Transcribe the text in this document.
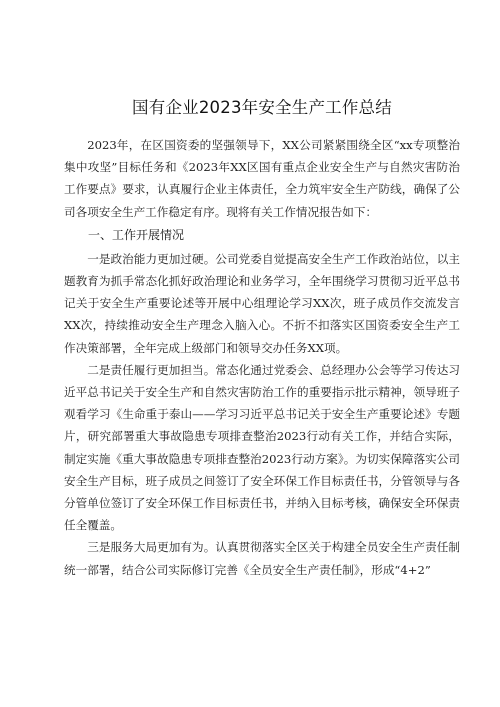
国有企业2023年安全生产工作总结

2023年，在区国资委的坚强领导下，XX公司紧紧围绕全区“xx专项整治集中攻坚”目标任务和《2023年XX区国有重点企业安全生产与自然灾害防治工作要点》要求，认真履行企业主体责任，全力筑牢安全生产防线，确保了公司各项安全生产工作稳定有序。现将有关工作情况报告如下：

一、工作开展情况

一是政治能力更加过硬。公司党委自觉提高安全生产工作政治站位，以主题教育为抓手常态化抓好政治理论和业务学习，全年围绕学习贯彻习近平总书记关于安全生产重要论述等开展中心组理论学习XX次，班子成员作交流发言XX次，持续推动安全生产理念入脑入心。不折不扣落实区国资委安全生产工作决策部署，全年完成上级部门和领导交办任务XX项。

二是责任履行更加担当。常态化通过党委会、总经理办公会等学习传达习近平总书记关于安全生产和自然灾害防治工作的重要指示批示精神，领导班子观看学习《生命重于泰山——学习习近平总书记关于安全生产重要论述》专题片，研究部署重大事故隐患专项排查整治2023行动有关工作，并结合实际，制定实施《重大事故隐患专项排查整治2023行动方案》。为切实保障落实公司安全生产目标，班子成员之间签订了安全环保工作目标责任书，分管领导与各分管单位签订了安全环保工作目标责任书，并纳入目标考核，确保安全环保责任全覆盖。

三是服务大局更加有为。认真贯彻落实全区关于构建全员安全生产责任制统一部署，结合公司实际修订完善《全员安全生产责任制》，形成“4+2”
